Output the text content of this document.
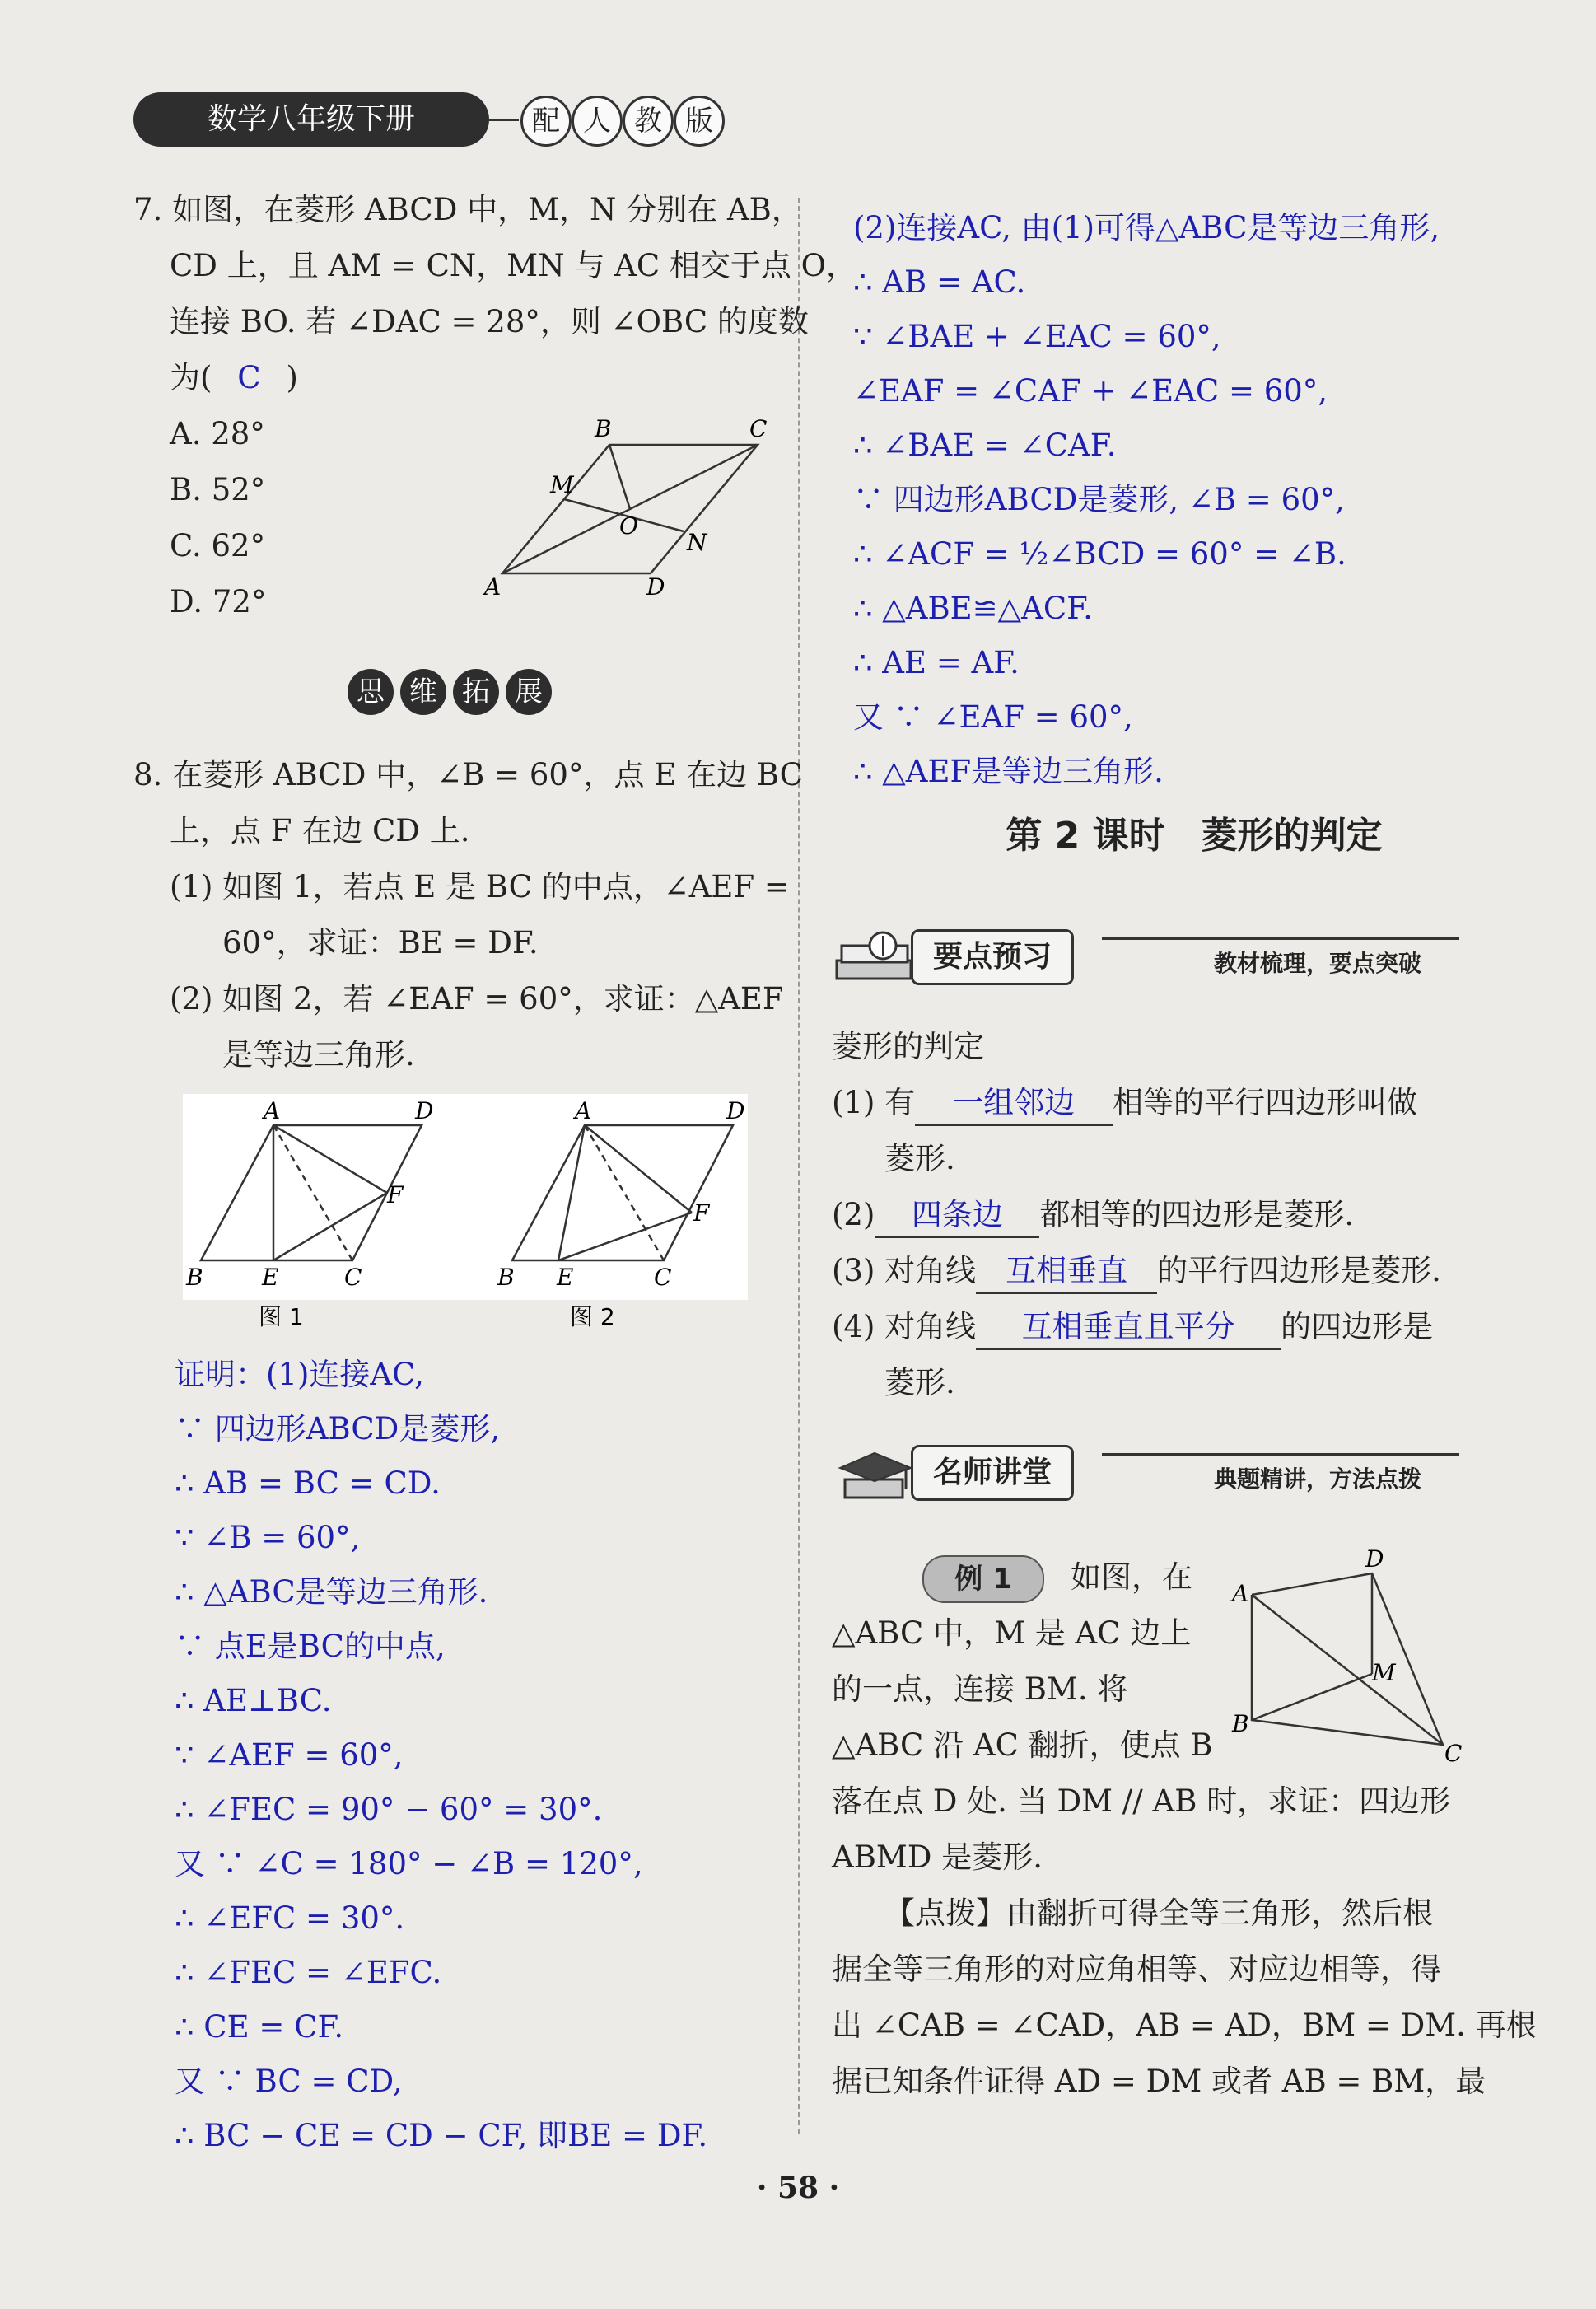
数学八年级下册	配 人 教 版
7. 如图，在菱形 ABCD 中，M，N 分别在 AB，
CD 上，且 AM = CN，MN 与 AC 相交于点 O，
连接 BO. 若 ∠DAC = 28°，则 ∠OBC 的度数
为( C )
A. 28°
B. 52°
C. 62°
D. 72°	A
B	C
D
M
N
O
思 维 拓 展
8. 在菱形 ABCD 中，∠B = 60°，点 E 在边 BC
上，点 F 在边 CD 上.
(1) 如图 1，若点 E 是 BC 的中点，∠AEF =
60°，求证：BE = DF.
(2) 如图 2，若 ∠EAF = 60°，求证：△AEF
是等边三角形.
A	D
B	E	C
F
图 1
A	D
B E	C
F
图 2
证明：(1)连接AC,
∵ 四边形ABCD是菱形,
∴ AB = BC = CD.
∵ ∠B = 60°,
∴ △ABC是等边三角形.
∵ 点E是BC的中点,
∴ AE⊥BC.
∵ ∠AEF = 60°,
∴ ∠FEC = 90° − 60° = 30°.
又 ∵ ∠C = 180° − ∠B = 120°,
∴ ∠EFC = 30°.
∴ ∠FEC = ∠EFC.
∴ CE = CF.
又 ∵ BC = CD,
∴ BC − CE = CD − CF, 即BE = DF.
(2)连接AC, 由(1)可得△ABC是等边三角形,
∴ AB = AC.
∵ ∠BAE + ∠EAC = 60°,
∠EAF = ∠CAF + ∠EAC = 60°,
∴ ∠BAE = ∠CAF.
∵ 四边形ABCD是菱形, ∠B = 60°,
∴ ∠ACF = ½∠BCD = 60° = ∠B.
∴ △ABE≌△ACF.
∴ AE = AF.
又 ∵ ∠EAF = 60°,
∴ △AEF是等边三角形.
第 2 课时　菱形的判定
要点预习	教材梳理，要点突破
菱形的判定
(1) 有 一组邻边 相等的平行四边形叫做
菱形.
(2) 四条边 都相等的四边形是菱形.
(3) 对角线 互相垂直 的平行四边形是菱形.
(4) 对角线 互相垂直且平分 的四边形是
菱形.
名师讲堂	典题精讲，方法点拨
例 1	如图，在
△ABC 中，M 是 AC 边上
的一点，连接 BM. 将
△ABC 沿 AC 翻折，使点 B
落在点 D 处. 当 DM // AB 时，求证：四边形
ABMD 是菱形.
A
D
B
C
M
【点拨】由翻折可得全等三角形，然后根
据全等三角形的对应角相等、对应边相等，得
出 ∠CAB = ∠CAD，AB = AD，BM = DM. 再根
据已知条件证得 AD = DM 或者 AB = BM，最
· 58 ·
